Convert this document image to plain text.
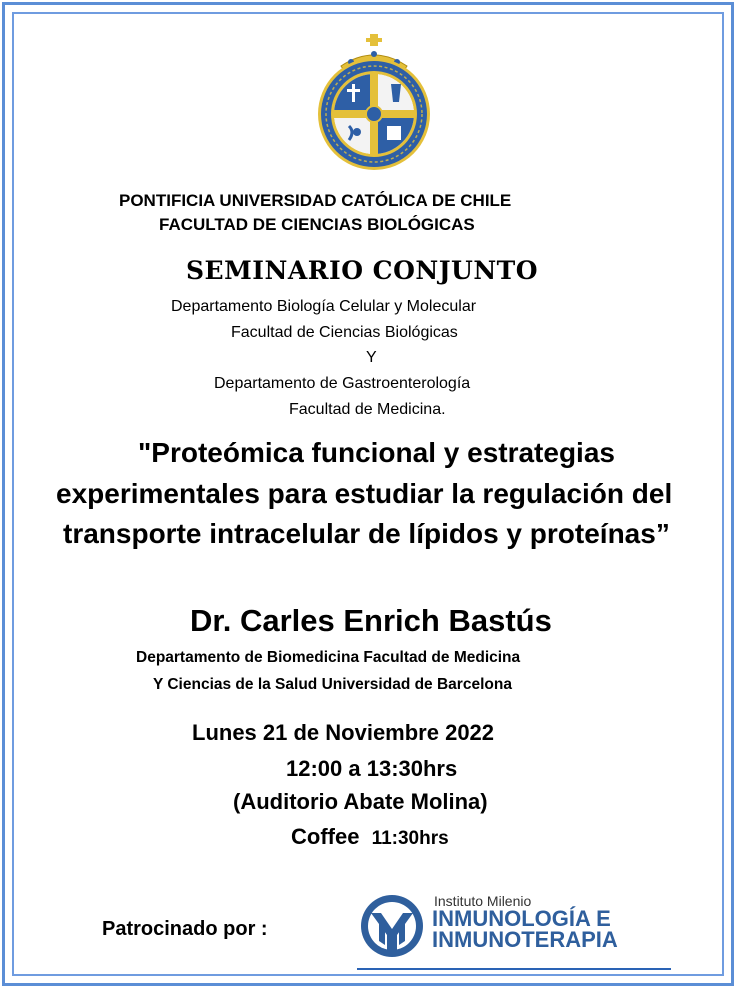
PONTIFICIA UNIVERSIDAD CATÓLICA DE CHILE
FACULTAD DE CIENCIAS BIOLÓGICAS
SEMINARIO CONJUNTO
Departamento Biología Celular y Molecular
Facultad de Ciencias Biológicas
Y
Departamento de Gastroenterología
Facultad de Medicina.
"Proteómica funcional y estrategias
experimentales para estudiar la regulación del
transporte intracelular de lípidos y proteínas”
Dr. Carles Enrich Bastús
Departamento de Biomedicina Facultad de Medicina
Y Ciencias de la Salud Universidad de Barcelona
Lunes 21 de Noviembre 2022
12:00 a 13:30hrs
(Auditorio Abate Molina)
Coffee 11:30hrs
Patrocinado por :
Instituto Milenio
INMUNOLOGÍA E
INMUNOTERAPIA
